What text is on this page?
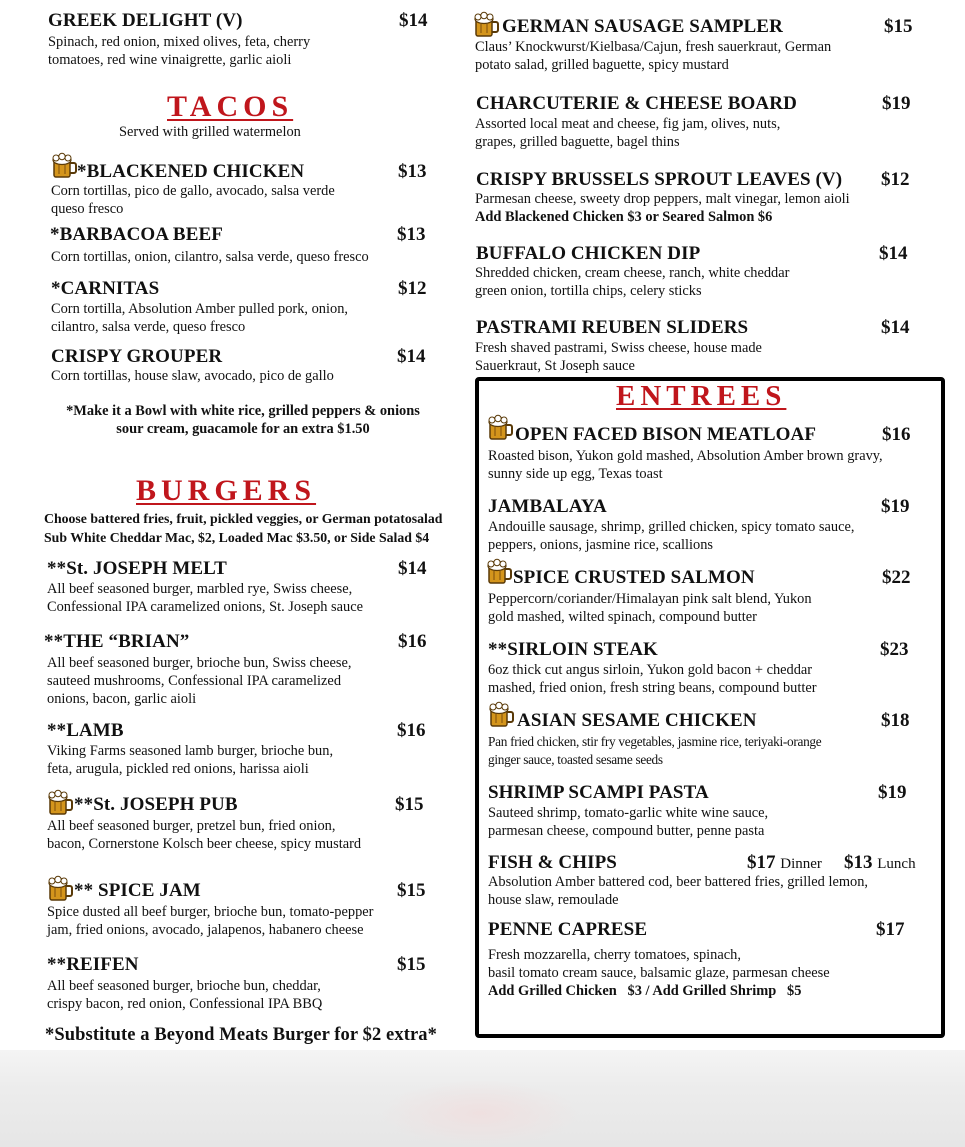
GREEK DELIGHT (V)	$14
Spinach, red onion, mixed olives, feta, cherry
tomatoes, red wine vinaigrette, garlic aioli
TACOS
Served with grilled watermelon
*BLACKENED CHICKEN	$13
Corn tortillas, pico de gallo, avocado, salsa verde
queso fresco
*BARBACOA BEEF	$13
Corn tortillas, onion, cilantro, salsa verde, queso fresco
*CARNITAS	$12
Corn tortilla, Absolution Amber pulled pork, onion,
cilantro, salsa verde, queso fresco
CRISPY GROUPER	$14
Corn tortillas, house slaw, avocado, pico de gallo
*Make it a Bowl with white rice, grilled peppers & onions
sour cream, guacamole for an extra $1.50
BURGERS
Choose battered fries, fruit, pickled veggies, or German potatosalad
Sub White Cheddar Mac, $2, Loaded Mac $3.50, or Side Salad $4
**St. JOSEPH MELT	$14
All beef seasoned burger, marbled rye, Swiss cheese,
Confessional IPA caramelized onions, St. Joseph sauce
**THE “BRIAN”	$16
All beef seasoned burger, brioche bun, Swiss cheese,
sauteed mushrooms, Confessional IPA caramelized
onions, bacon, garlic aioli
**LAMB	$16
Viking Farms seasoned lamb burger, brioche bun,
feta, arugula, pickled red onions, harissa aioli
**St. JOSEPH PUB	$15
All beef seasoned burger, pretzel bun, fried onion,
bacon, Cornerstone Kolsch beer cheese, spicy mustard
** SPICE JAM	$15
Spice dusted all beef burger, brioche bun, tomato-pepper
jam, fried onions, avocado, jalapenos, habanero cheese
**REIFEN	$15
All beef seasoned burger, brioche bun, cheddar,
crispy bacon, red onion, Confessional IPA BBQ
*Substitute a Beyond Meats Burger for $2 extra*
GERMAN SAUSAGE SAMPLER	$15
Claus’ Knockwurst/Kielbasa/Cajun, fresh sauerkraut, German
potato salad, grilled baguette, spicy mustard
CHARCUTERIE & CHEESE BOARD	$19
Assorted local meat and cheese, fig jam, olives, nuts,
grapes, grilled baguette, bagel thins
CRISPY BRUSSELS SPROUT LEAVES (V) $12
Parmesan cheese, sweety drop peppers, malt vinegar, lemon aioli
Add Blackened Chicken $3 or Seared Salmon $6
BUFFALO CHICKEN DIP	$14
Shredded chicken, cream cheese, ranch, white cheddar
green onion, tortilla chips, celery sticks
PASTRAMI REUBEN SLIDERS	$14
Fresh shaved pastrami, Swiss cheese, house made
Sauerkraut, St Joseph sauce
ENTREES
OPEN FACED BISON MEATLOAF	$16
Roasted bison, Yukon gold mashed, Absolution Amber brown gravy,
sunny side up egg, Texas toast
JAMBALAYA	$19
Andouille sausage, shrimp, grilled chicken, spicy tomato sauce,
peppers, onions, jasmine rice, scallions
SPICE CRUSTED SALMON	$22
Peppercorn/coriander/Himalayan pink salt blend, Yukon
gold mashed, wilted spinach, compound butter
**SIRLOIN STEAK	$23
6oz thick cut angus sirloin, Yukon gold bacon + cheddar
mashed, fried onion, fresh string beans, compound butter
ASIAN SESAME CHICKEN	$18
Pan fried chicken, stir fry vegetables, jasmine rice, teriyaki-orange
ginger sauce, toasted sesame seeds
SHRIMP SCAMPI PASTA	$19
Sauteed shrimp, tomato-garlic white wine sauce,
parmesan cheese, compound butter, penne pasta
FISH & CHIPS	$17 Dinner $13 Lunch
Absolution Amber battered cod, beer battered fries, grilled lemon,
house slaw, remoulade
PENNE CAPRESE	$17
Fresh mozzarella, cherry tomatoes, spinach,
basil tomato cream sauce, balsamic glaze, parmesan cheese
Add Grilled Chicken   $3 / Add Grilled Shrimp   $5
